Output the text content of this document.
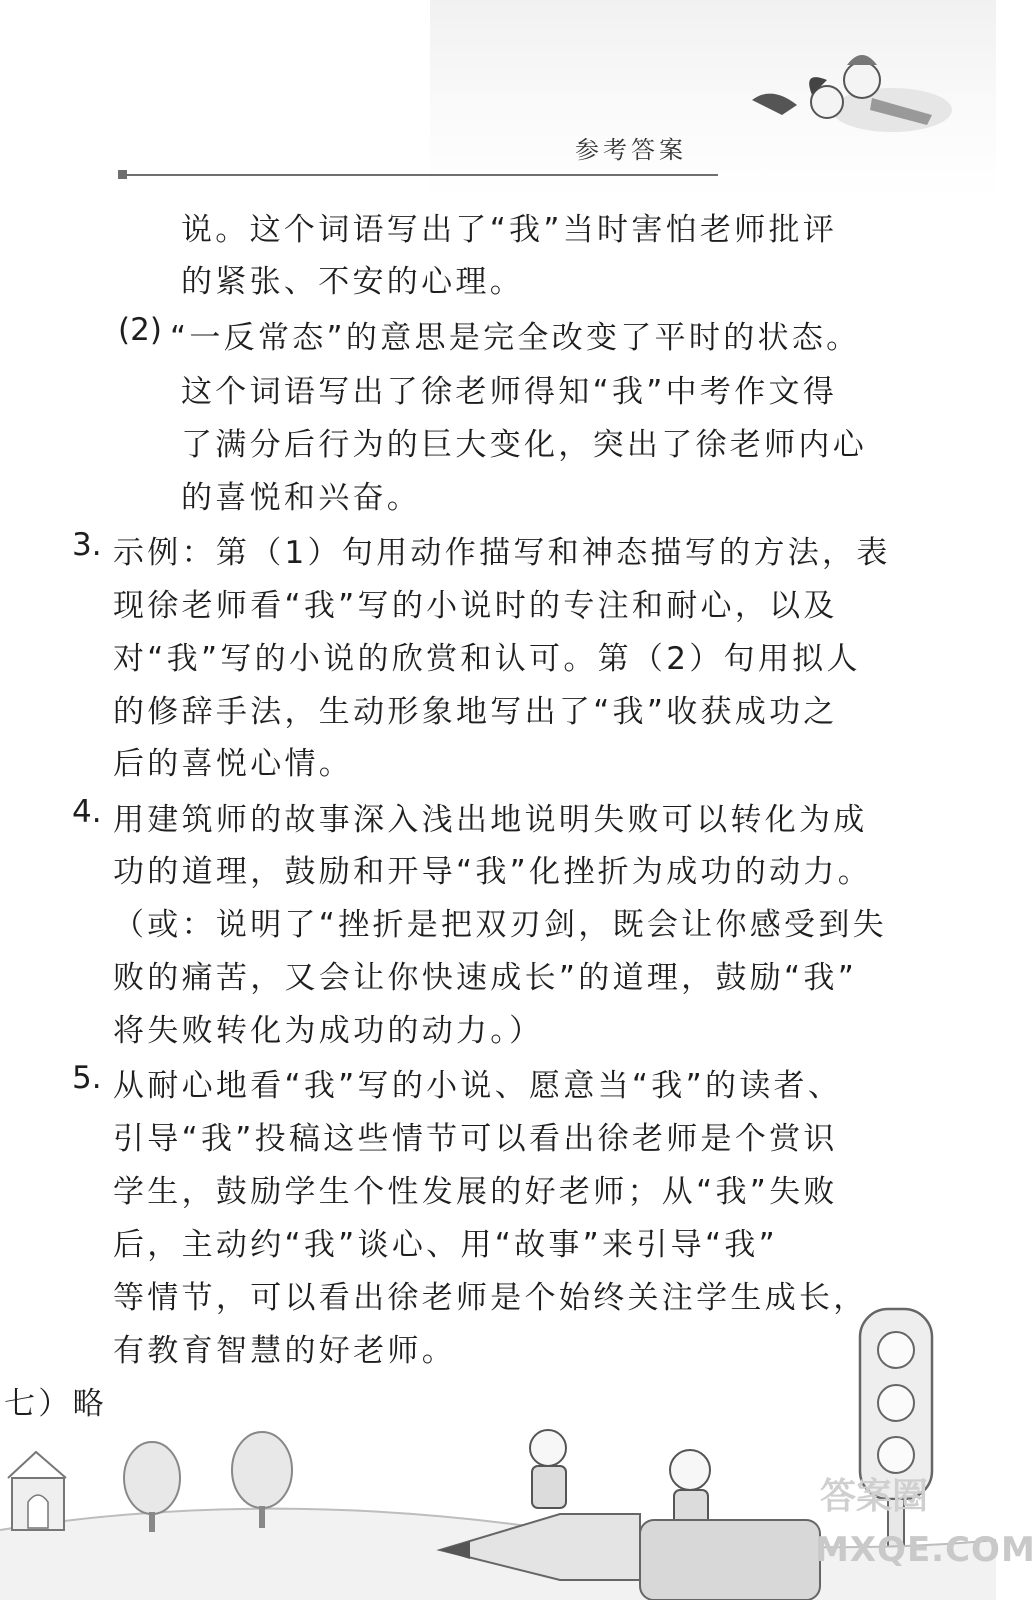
参考答案
说。这个词语写出了“我”当时害怕老师批评
的紧张、不安的心理。
(2) “一反常态”的意思是完全改变了平时的状态。
这个词语写出了徐老师得知“我”中考作文得
了满分后行为的巨大变化，突出了徐老师内心
的喜悦和兴奋。
3. 示例：第（1）句用动作描写和神态描写的方法，表
现徐老师看“我”写的小说时的专注和耐心，以及
对“我”写的小说的欣赏和认可。第（2）句用拟人
的修辞手法，生动形象地写出了“我”收获成功之
后的喜悦心情。
4. 用建筑师的故事深入浅出地说明失败可以转化为成
功的道理，鼓励和开导“我”化挫折为成功的动力。
（或：说明了“挫折是把双刃剑，既会让你感受到失
败的痛苦，又会让你快速成长”的道理，鼓励“我”
将失败转化为成功的动力。）
5. 从耐心地看“我”写的小说、愿意当“我”的读者、
引导“我”投稿这些情节可以看出徐老师是个赏识
学生，鼓励学生个性发展的好老师；从“我”失败
后，主动约“我”谈心、用“故事”来引导“我”
等情节，可以看出徐老师是个始终关注学生成长，
有教育智慧的好老师。
七）略
答案圈
MXQE.COM
